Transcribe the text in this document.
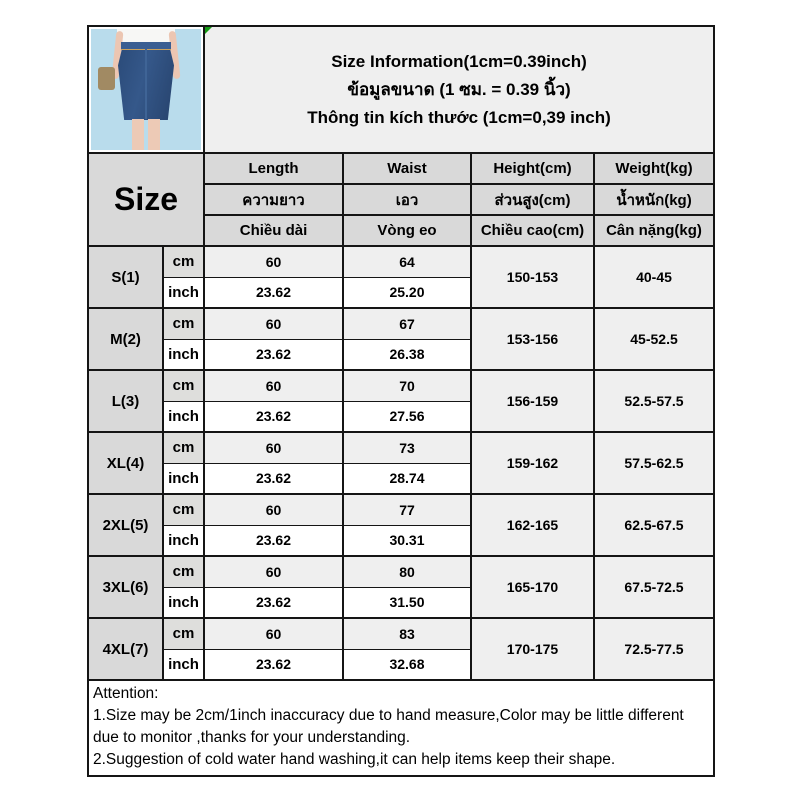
		Size Information(1cm=0.39inch)
ข้อมูลขนาด (1 ซม. = 0.39 นิ้ว)
Thông tin kích thước (1cm=0,39 inch)			

Size		Length	Waist	Height(cm)	Weight(kg)
		ความยาว	เอว	ส่วนสูง(cm)	น้ำหนัก(kg)
		Chiều dài	Vòng eo	Chiều cao(cm)	Cân nặng(kg)
S(1)	cm	60	64	150-153	40-45
	inch	23.62	25.20		
M(2)	cm	60	67	153-156	45-52.5
	inch	23.62	26.38		
L(3)	cm	60	70	156-159	52.5-57.5
	inch	23.62	27.56		
XL(4)	cm	60	73	159-162	57.5-62.5
	inch	23.62	28.74		
2XL(5)	cm	60	77	162-165	62.5-67.5
	inch	23.62	30.31		
3XL(6)	cm	60	80	165-170	67.5-72.5
	inch	23.62	31.50		
4XL(7)	cm	60	83	170-175	72.5-77.5
	inch	23.62	32.68		

Attention:
1.Size may be 2cm/1inch inaccuracy due to hand measure,Color may be little different due to monitor ,thanks for your understanding.
2.Suggestion of cold water hand washing,it can help items keep their shape.					
